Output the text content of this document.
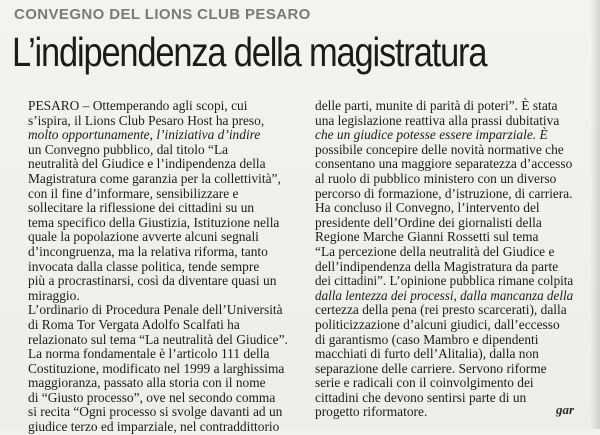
CONVEGNO DEL LIONS CLUB PESARO
L’indipendenza della magistratura

PESARO – Ottemperando agli scopi, cui

s’ispira, il Lions Club Pesaro Host ha preso,

molto opportunamente, l’iniziativa d’indire

un Convegno pubblico, dal titolo “La

neutralità del Giudice e l’indipendenza della

Magistratura come garanzia per la collettività”,

con il fine d’informare, sensibilizzare e

sollecitare la riflessione dei cittadini su un

tema specifico della Giustizia, Istituzione nella

quale la popolazione avverte alcuni segnali

d’incongruenza, ma la relativa riforma, tanto

invocata dalla classe politica, tende sempre

più a procrastinarsi, così da diventare quasi un

miraggio.

L’ordinario di Procedura Penale dell’Università

di Roma Tor Vergata Adolfo Scalfati ha

relazionato sul tema “La neutralità del Giudice”.

La norma fondamentale è l’articolo 111 della

Costituzione, modificato nel 1999 a larghissima

maggioranza, passato alla storia con il nome

di “Giusto processo”, ove nel secondo comma

si recita “Ogni processo si svolge davanti ad un

giudice terzo ed imparziale, nel contraddittorio

delle parti, munite di parità di poteri”. È stata

una legislazione reattiva alla prassi dubitativa

che un giudice potesse essere imparziale. È

possibile concepire delle novità normative che

consentano una maggiore separatezza d’accesso

al ruolo di pubblico ministero con un diverso

percorso di formazione, d’istruzione, di carriera.

Ha concluso il Convegno, l’intervento del

presidente dell’Ordine dei giornalisti della

Regione Marche Gianni Rossetti sul tema

“La percezione della neutralità del Giudice e

dell’indipendenza della Magistratura da parte

dei cittadini”. L’opinione pubblica rimane colpita

dalla lentezza dei processi, dalla mancanza della

certezza della pena (rei presto scarcerati), dalla

politicizzazione d’alcuni giudici, dall’eccesso

di garantismo (caso Mambro e dipendenti

macchiati di furto dell’Alitalia), dalla non

separazione delle carriere. Servono riforme

serie e radicali con il coinvolgimento dei

cittadini che devono sentirsi parte di un

progetto riformatore.	gar
